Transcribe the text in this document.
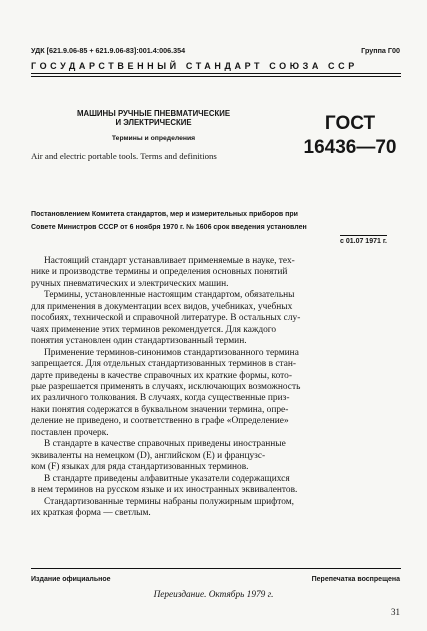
УДК [621.9.06-85 + 621.9.06-83]:001.4:006.354	Группа Г00
ГОСУДАРСТВЕННЫЙ СТАНДАРТ СОЮЗА ССР
МАШИНЫ РУЧНЫЕ ПНЕВМАТИЧЕСКИЕ
И ЭЛЕКТРИЧЕСКИЕ
Термины и определения
Air and electric portable tools. Terms and definitions
ГОСТ
16436—70
Постановлением Комитета стандартов, мер и измерительных приборов при
Совете Министров СССР от 6 ноября 1970 г. № 1606 срок введения установлен
с 01.07 1971 г.

Настоящий стандарт устанавливает применяемые в науке, тех-
нике и производстве термины и определения основных понятий
ручных пневматических и электрических машин.
Термины, установленные настоящим стандартом, обязательны
для применения в документации всех видов, учебниках, учебных
пособиях, технической и справочной литературе. В остальных слу-
чаях применение этих терминов рекомендуется. Для каждого
понятия установлен один стандартизованный термин.
Применение терминов-синонимов стандартизованного термина
запрещается. Для отдельных стандартизованных терминов в стан-
дарте приведены в качестве справочных их краткие формы, кото-
рые разрешается применять в случаях, исключающих возможность
их различного толкования. В случаях, когда существенные приз-
наки понятия содержатся в буквальном значении термина, опре-
деление не приведено, и соответственно в графе «Определение»
поставлен прочерк.
В стандарте в качестве справочных приведены иностранные
эквиваленты на немецком (D), английском (E) и французс-
ком (F) языках для ряда стандартизованных терминов.
В стандарте приведены алфавитные указатели содержащихся
в нем терминов на русском языке и их иностранных эквивалентов.
Стандартизованные термины набраны полужирным шрифтом,
их краткая форма — светлым.

Издание официальное	Перепечатка воспрещена
Переиздание. Октябрь 1979 г.
31
